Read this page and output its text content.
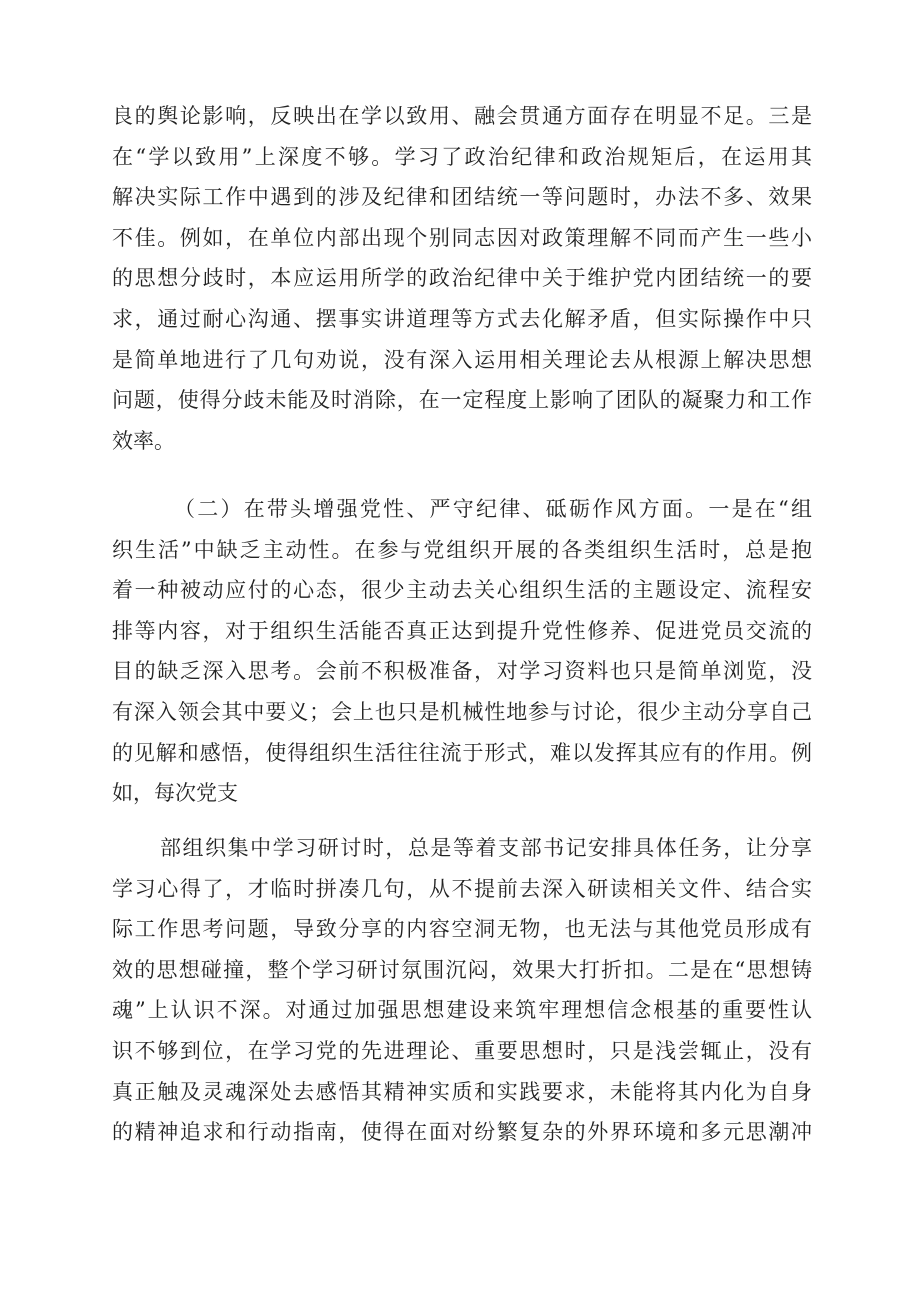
良的舆论影响，反映出在学以致用、融会贯通方面存在明显不足。三是
在“学以致用”上深度不够。学习了政治纪律和政治规矩后，在运用其
解决实际工作中遇到的涉及纪律和团结统一等问题时，办法不多、效果
不佳。例如，在单位内部出现个别同志因对政策理解不同而产生一些小
的思想分歧时，本应运用所学的政治纪律中关于维护党内团结统一的要
求，通过耐心沟通、摆事实讲道理等方式去化解矛盾，但实际操作中只
是简单地进行了几句劝说，没有深入运用相关理论去从根源上解决思想
问题，使得分歧未能及时消除，在一定程度上影响了团队的凝聚力和工作
效率。
（二）在带头增强党性、严守纪律、砥砺作风方面。一是在“组
织生活”中缺乏主动性。在参与党组织开展的各类组织生活时，总是抱
着一种被动应付的心态，很少主动去关心组织生活的主题设定、流程安
排等内容，对于组织生活能否真正达到提升党性修养、促进党员交流的
目的缺乏深入思考。会前不积极准备，对学习资料也只是简单浏览，没
有深入领会其中要义；会上也只是机械性地参与讨论，很少主动分享自己
的见解和感悟，使得组织生活往往流于形式，难以发挥其应有的作用。例
如，每次党支
部组织集中学习研讨时，总是等着支部书记安排具体任务，让分享
学习心得了，才临时拼凑几句，从不提前去深入研读相关文件、结合实
际工作思考问题，导致分享的内容空洞无物，也无法与其他党员形成有
效的思想碰撞，整个学习研讨氛围沉闷，效果大打折扣。二是在“思想铸
魂”上认识不深。对通过加强思想建设来筑牢理想信念根基的重要性认
识不够到位，在学习党的先进理论、重要思想时，只是浅尝辄止，没有
真正触及灵魂深处去感悟其精神实质和实践要求，未能将其内化为自身
的精神追求和行动指南，使得在面对纷繁复杂的外界环境和多元思潮冲
